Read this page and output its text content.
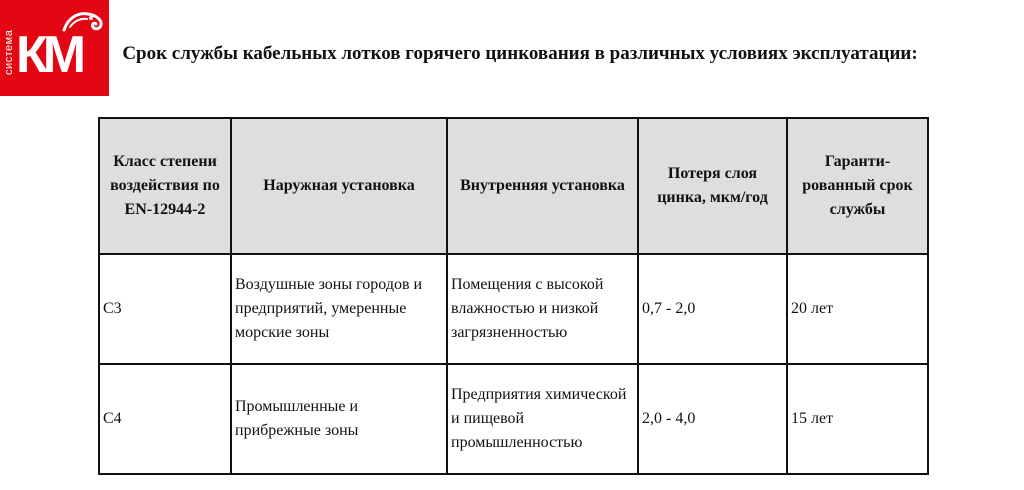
система КМ	Срок службы кабельных лотков горячего цинкования в различных условиях эксплуатации:
Класс степени воздействия по EN-12944-2	Наружная установка	Внутренняя установка	Потеря слоя цинка, мкм/год	Гаранти-рованный срок службы
С3	Воздушные зоны городов и предприятий, умеренные морские зоны	Помещения с высокой влажностью и низкой загрязненностью	0,7 - 2,0	20 лет
С4	Промышленные и прибрежные зоны	Предприятия химической и пищевой промышленностью	2,0 - 4,0	15 лет
